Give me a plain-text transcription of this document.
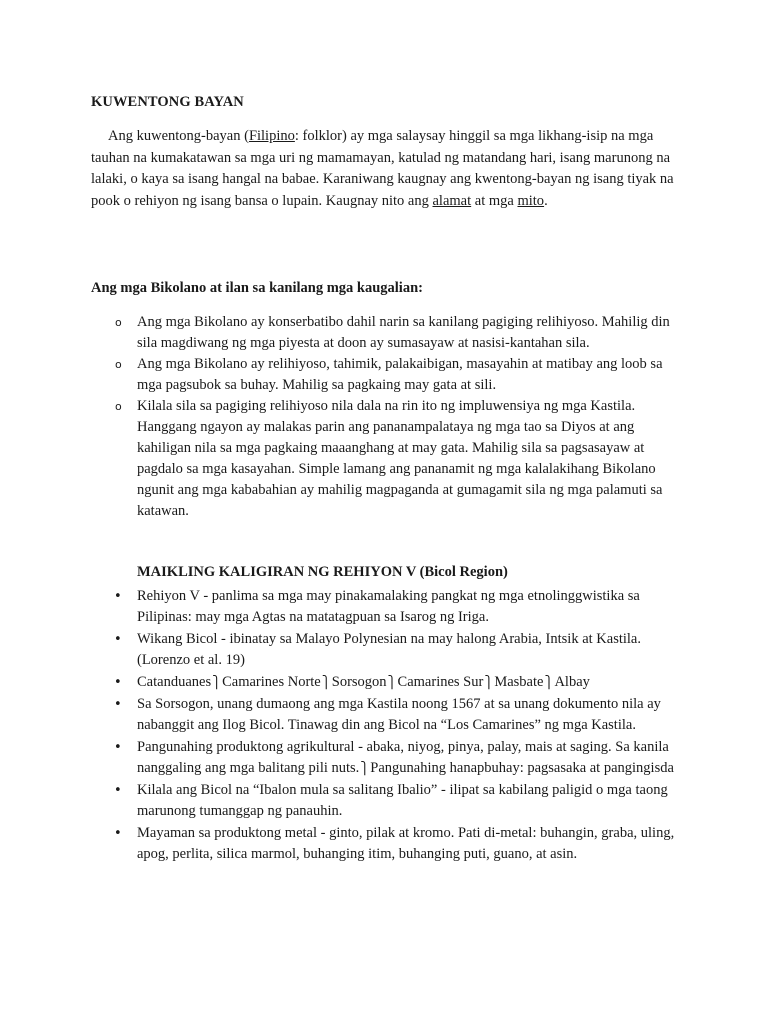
KUWENTONG BAYAN

Ang kuwentong-bayan (Filipino: folklor) ay mga salaysay hinggil sa mga likhang-isip na mga tauhan na kumakatawan sa mga uri ng mamamayan, katulad ng matandang hari, isang marunong na lalaki, o kaya sa isang hangal na babae. Karaniwang kaugnay ang kwentong-bayan ng isang tiyak na pook o rehiyon ng isang bansa o lupain. Kaugnay nito ang alamat at mga mito.

Ang mga Bikolano at ilan sa kanilang mga kaugalian:
o Ang mga Bikolano ay konserbatibo dahil narin sa kanilang pagiging relihiyoso. Mahilig din sila magdiwang ng mga piyesta at doon ay sumasayaw at nasisi-kantahan sila.
o Ang mga Bikolano ay relihiyoso, tahimik, palakaibigan, masayahin at matibay ang loob sa mga pagsubok sa buhay. Mahilig sa pagkaing may gata at sili.
o Kilala sila sa pagiging relihiyoso nila dala na rin ito ng impluwensiya ng mga Kastila. Hanggang ngayon ay malakas parin ang pananampalataya ng mga tao sa Diyos at ang kahiligan nila sa mga pagkaing maaanghang at may gata. Mahilig sila sa pagsasayaw at pagdalo sa mga kasayahan. Simple lamang ang pananamit ng mga kalalakihang Bikolano ngunit ang mga kababahian ay mahilig magpaganda at gumagamit sila ng mga palamuti sa katawan.
MAIKLING KALIGIRAN NG REHIYON V (Bicol Region)
• Rehiyon V - panlima sa mga may pinakamalaking pangkat ng mga etnolinggwistika sa Pilipinas: may mga Agtas na matatagpuan sa Isarog ng Iriga.
• Wikang Bicol - ibinatay sa Malayo Polynesian na may halong Arabia, Intsik at Kastila. (Lorenzo et al. 19)
• Catanduanes⎫Camarines Norte⎫Sorsogon⎫Camarines Sur⎫Masbate⎫Albay
• Sa Sorsogon, unang dumaong ang mga Kastila noong 1567 at sa unang dokumento nila ay nabanggit ang Ilog Bicol. Tinawag din ang Bicol na “Los Camarines” ng mga Kastila.
• Pangunahing produktong agrikultural - abaka, niyog, pinya, palay, mais at saging. Sa kanila nanggaling ang mga balitang pili nuts.⎫Pangunahing hanapbuhay: pagsasaka at pangingisda
• Kilala ang Bicol na “Ibalon mula sa salitang Ibalio” - ilipat sa kabilang paligid o mga taong marunong tumanggap ng panauhin.
• Mayaman sa produktong metal - ginto, pilak at kromo. Pati di-metal: buhangin, graba, uling, apog, perlita, silica marmol, buhanging itim, buhanging puti, guano, at asin.
